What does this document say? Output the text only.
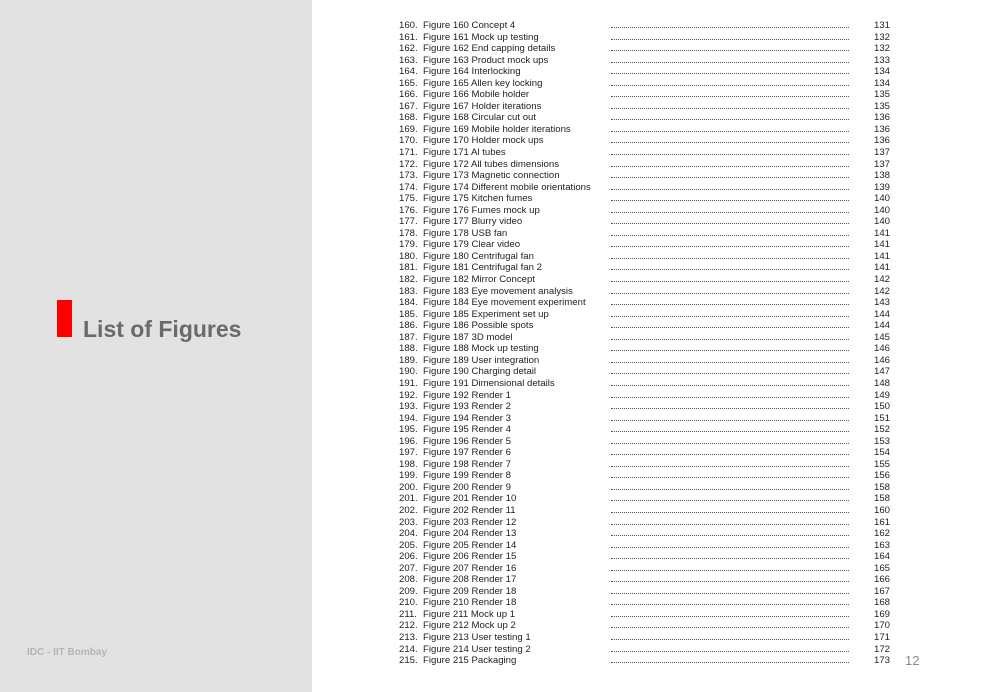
List of Figures
IDC - IIT Bombay
160. Figure 160 Concept 4	131
161. Figure 161 Mock up testing	132
162. Figure 162 End capping details	132
163. Figure 163 Product mock ups	133
164. Figure 164 Interlocking	134
165. Figure 165 Allen key locking	134
166. Figure 166 Mobile holder	135
167. Figure 167 Holder iterations	135
168. Figure 168 Circular cut out	136
169. Figure 169 Mobile holder iterations	136
170. Figure 170 Holder mock ups	136
171. Figure 171 Al tubes	137
172. Figure 172 All tubes dimensions	137
173. Figure 173 Magnetic connection	138
174. Figure 174 Different mobile orientations	139
175. Figure 175 Kitchen fumes	140
176. Figure 176 Fumes mock up	140
177. Figure 177 Blurry video	140
178. Figure 178 USB fan	141
179. Figure 179 Clear video	141
180. Figure 180 Centrifugal fan	141
181. Figure 181 Centrifugal fan 2	141
182. Figure 182 Mirror Concept	142
183. Figure 183 Eye movement analysis	142
184. Figure 184 Eye movement experiment	143
185. Figure 185 Experiment set up	144
186. Figure 186 Possible spots	144
187. Figure 187 3D model	145
188. Figure 188 Mock up testing	146
189. Figure 189 User integration	146
190. Figure 190 Charging detail	147
191. Figure 191 Dimensional details	148
192. Figure 192 Render 1	149
193. Figure 193 Render 2	150
194. Figure 194 Render 3	151
195. Figure 195 Render 4	152
196. Figure 196 Render 5	153
197. Figure 197 Render 6	154
198. Figure 198 Render 7	155
199. Figure 199 Render 8	156
200. Figure 200 Render 9	158
201. Figure 201 Render 10	158
202. Figure 202 Render 11	160
203. Figure 203 Render 12	161
204. Figure 204 Render 13	162
205. Figure 205 Render 14	163
206. Figure 206 Render 15	164
207. Figure 207 Render 16	165
208. Figure 208 Render 17	166
209. Figure 209 Render 18	167
210. Figure 210 Render 18	168
211. Figure 211 Mock up 1	169
212. Figure 212 Mock up 2	170
213. Figure 213 User testing 1	171
214. Figure 214 User testing 2	172
215. Figure 215 Packaging	173 12
